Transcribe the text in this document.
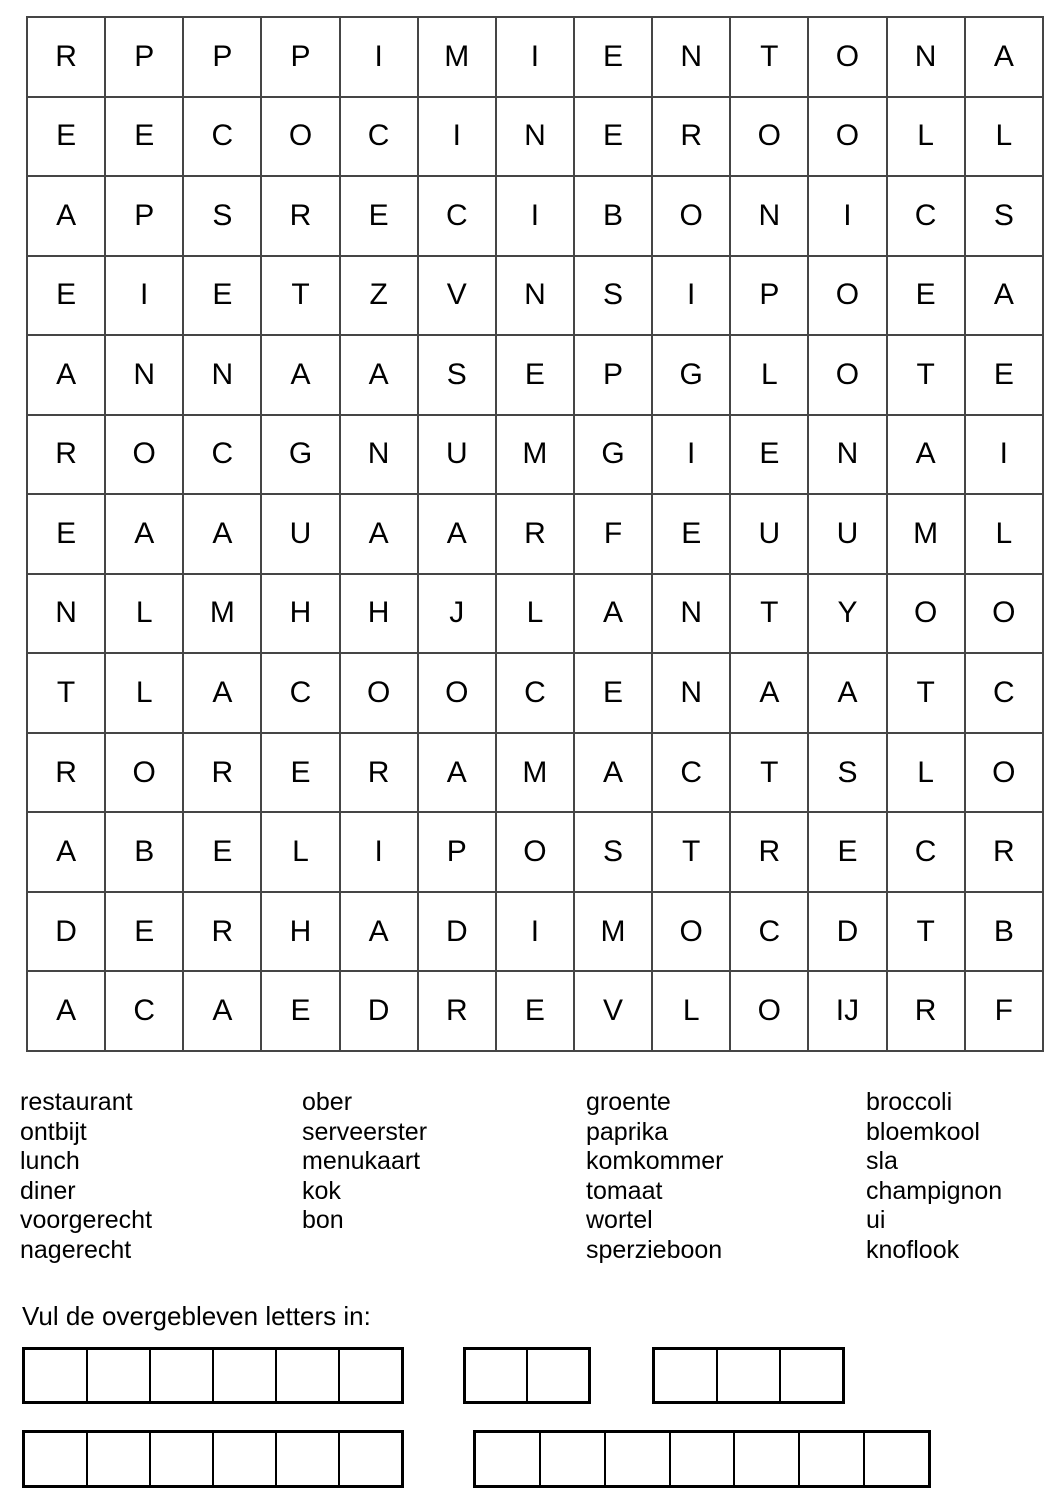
R	P	P	P	I	M	I	E	N	T	O	N	A
E	E	C	O	C	I	N	E	R	O	O	L	L
A	P	S	R	E	C	I	B	O	N	I	C	S
E	I	E	T	Z	V	N	S	I	P	O	E	A
A	N	N	A	A	S	E	P	G	L	O	T	E
R	O	C	G	N	U	M	G	I	E	N	A	I
E	A	A	U	A	A	R	F	E	U	U	M	L
N	L	M	H	H	J	L	A	N	T	Y	O	O
T	L	A	C	O	O	C	E	N	A	A	T	C
R	O	R	E	R	A	M	A	C	T	S	L	O
A	B	E	L	I	P	O	S	T	R	E	C	R
D	E	R	H	A	D	I	M	O	C	D	T	B
A	C	A	E	D	R	E	V	L	O	IJ	R	F
restaurant
ontbijt
lunch
diner
voorgerecht
nagerecht
ober
serveerster
menukaart
kok
bon
groente
paprika
komkommer
tomaat
wortel
sperzieboon
broccoli
bloemkool
sla
champignon
ui
knoflook
Vul de overgebleven letters in:
